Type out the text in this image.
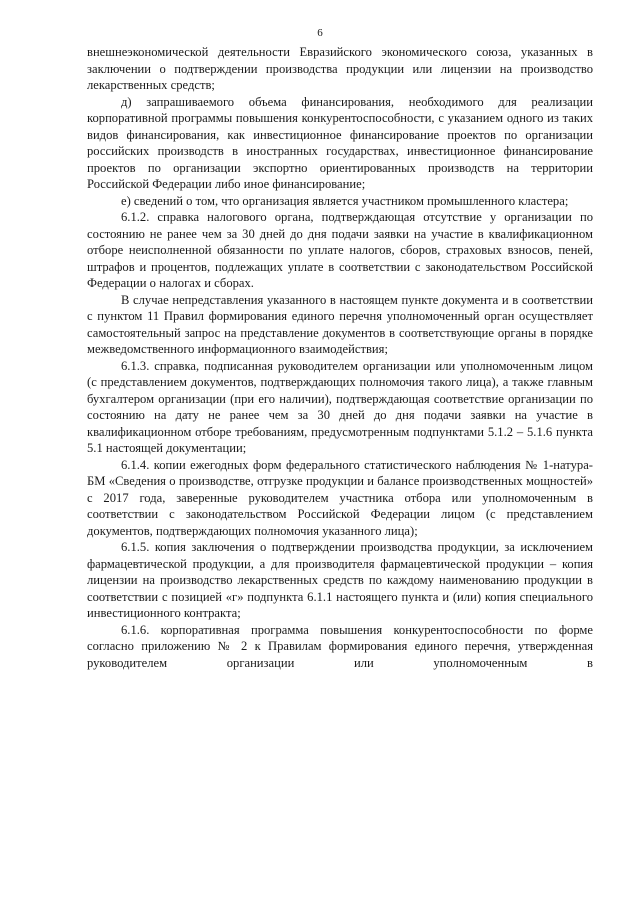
6

внешнеэкономической деятельности Евразийского экономического союза, указанных в заключении о подтверждении производства продукции или лицензии на производство лекарственных средств;

д) запрашиваемого объема финансирования, необходимого для реализации корпоративной программы повышения конкурентоспособности, с указанием одного из таких видов финансирования, как инвестиционное финансирование проектов по организации российских производств в иностранных государствах, инвестиционное финансирование проектов по организации экспортно ориентированных производств на территории Российской Федерации либо иное финансирование;

е) сведений о том, что организация является участником промышленного кластера;

6.1.2. справка налогового органа, подтверждающая отсутствие у организации по состоянию не ранее чем за 30 дней до дня подачи заявки на участие в квалификационном отборе неисполненной обязанности по уплате налогов, сборов, страховых взносов, пеней, штрафов и процентов, подлежащих уплате в соответствии с законодательством Российской Федерации о налогах и сборах.

В случае непредставления указанного в настоящем пункте документа и в соответствии с пунктом 11 Правил формирования единого перечня уполномоченный орган осуществляет самостоятельный запрос на представление документов в соответствующие органы в порядке межведомственного информационного взаимодействия;

6.1.3. справка, подписанная руководителем организации или уполномоченным лицом (с представлением документов, подтверждающих полномочия такого лица), а также главным бухгалтером организации (при его наличии), подтверждающая соответствие организации по состоянию на дату не ранее чем за 30 дней до дня подачи заявки на участие в квалификационном отборе требованиям, предусмотренным подпунктами 5.1.2 – 5.1.6 пункта 5.1 настоящей документации;

6.1.4. копии ежегодных форм федерального статистического наблюдения № 1-натура-БМ «Сведения о производстве, отгрузке продукции и балансе производственных мощностей» с 2017 года, заверенные руководителем участника отбора или уполномоченным в соответствии с законодательством Российской Федерации лицом (с представлением документов, подтверждающих полномочия указанного лица);

6.1.5. копия заключения о подтверждении производства продукции, за исключением фармацевтической продукции, а для производителя фармацевтической продукции – копия лицензии на производство лекарственных средств по каждому наименованию продукции в соответствии с позицией «г» подпункта 6.1.1 настоящего пункта и (или) копия специального инвестиционного контракта;

6.1.6. корпоративная программа повышения конкурентоспособности по форме согласно приложению № 2 к Правилам формирования единого перечня, утвержденная руководителем организации или уполномоченным в
